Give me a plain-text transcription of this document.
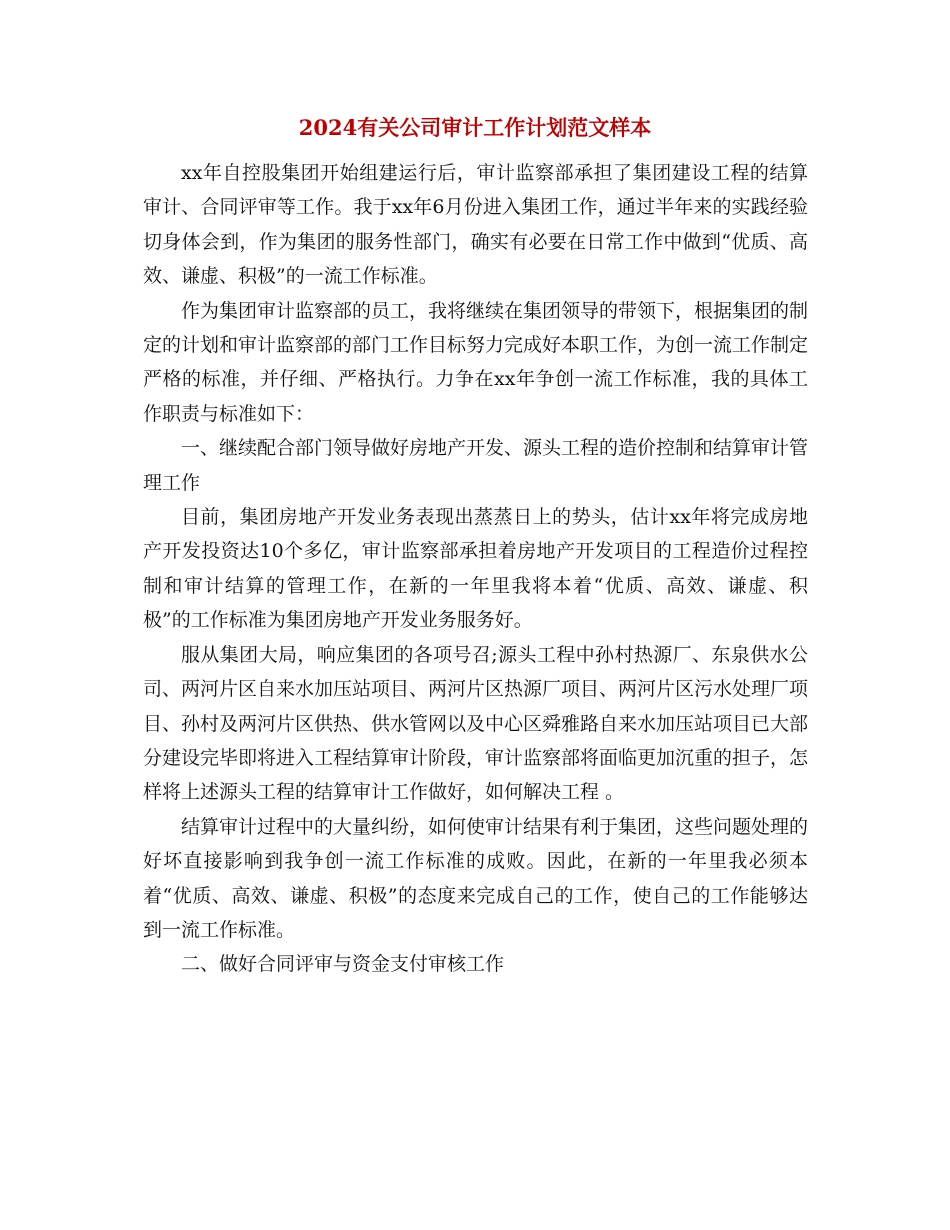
2024有关公司审计工作计划范文样本

xx年自控股集团开始组建运行后，审计监察部承担了集团建设工程的结算审计、合同评审等工作。我于xx年6月份进入集团工作，通过半年来的实践经验切身体会到，作为集团的服务性部门，确实有必要在日常工作中做到“优质、高效、谦虚、积极”的一流工作标准。

作为集团审计监察部的员工，我将继续在集团领导的带领下，根据集团的制定的计划和审计监察部的部门工作目标努力完成好本职工作，为创一流工作制定严格的标准，并仔细、严格执行。力争在xx年争创一流工作标准，我的具体工作职责与标准如下：

一、继续配合部门领导做好房地产开发、源头工程的造价控制和结算审计管理工作

目前，集团房地产开发业务表现出蒸蒸日上的势头，估计xx年将完成房地产开发投资达10个多亿，审计监察部承担着房地产开发项目的工程造价过程控制和审计结算的管理工作，在新的一年里我将本着“优质、高效、谦虚、积极”的工作标准为集团房地产开发业务服务好。

服从集团大局，响应集团的各项号召;源头工程中孙村热源厂、东泉供水公司、两河片区自来水加压站项目、两河片区热源厂项目、两河片区污水处理厂项目、孙村及两河片区供热、供水管网以及中心区舜雅路自来水加压站项目已大部分建设完毕即将进入工程结算审计阶段，审计监察部将面临更加沉重的担子，怎样将上述源头工程的结算审计工作做好，如何解决工程 。

结算审计过程中的大量纠纷，如何使审计结果有利于集团，这些问题处理的好坏直接影响到我争创一流工作标准的成败。因此，在新的一年里我必须本着“优质、高效、谦虚、积极”的态度来完成自己的工作，使自己的工作能够达到一流工作标准。

二、做好合同评审与资金支付审核工作
